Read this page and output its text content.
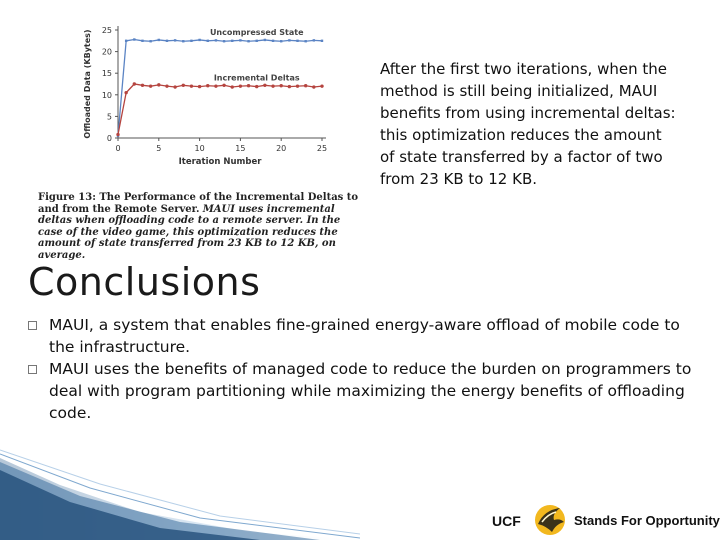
0
5
10
15
20
25
0	5	10	15	20	25
Iteration Number
Offloaded Data (KBytes)	Uncompressed State
Incremental Deltas
Figure 13: The Performance of the Incremental Deltas to and from the Remote Server. MAUI uses incremental deltas when offloading code to a remote server. In the case of the video game, this optimization reduces the amount of state transferred from 23 KB to 12 KB, on average.
After the first two iterations, when the method is still being initialized, MAUI benefits from using incremental deltas: this optimization reduces the amount of state transferred by a factor of two from 23 KB to 12 KB.
Conclusions
MAUI, a system that enables fine-grained energy-aware offload of mobile code to the infrastructure.
MAUI uses the benefits of managed code to reduce the burden on programmers to deal with program partitioning while maximizing the energy benefits of offloading code.
UCF	Stands For Opportunity
